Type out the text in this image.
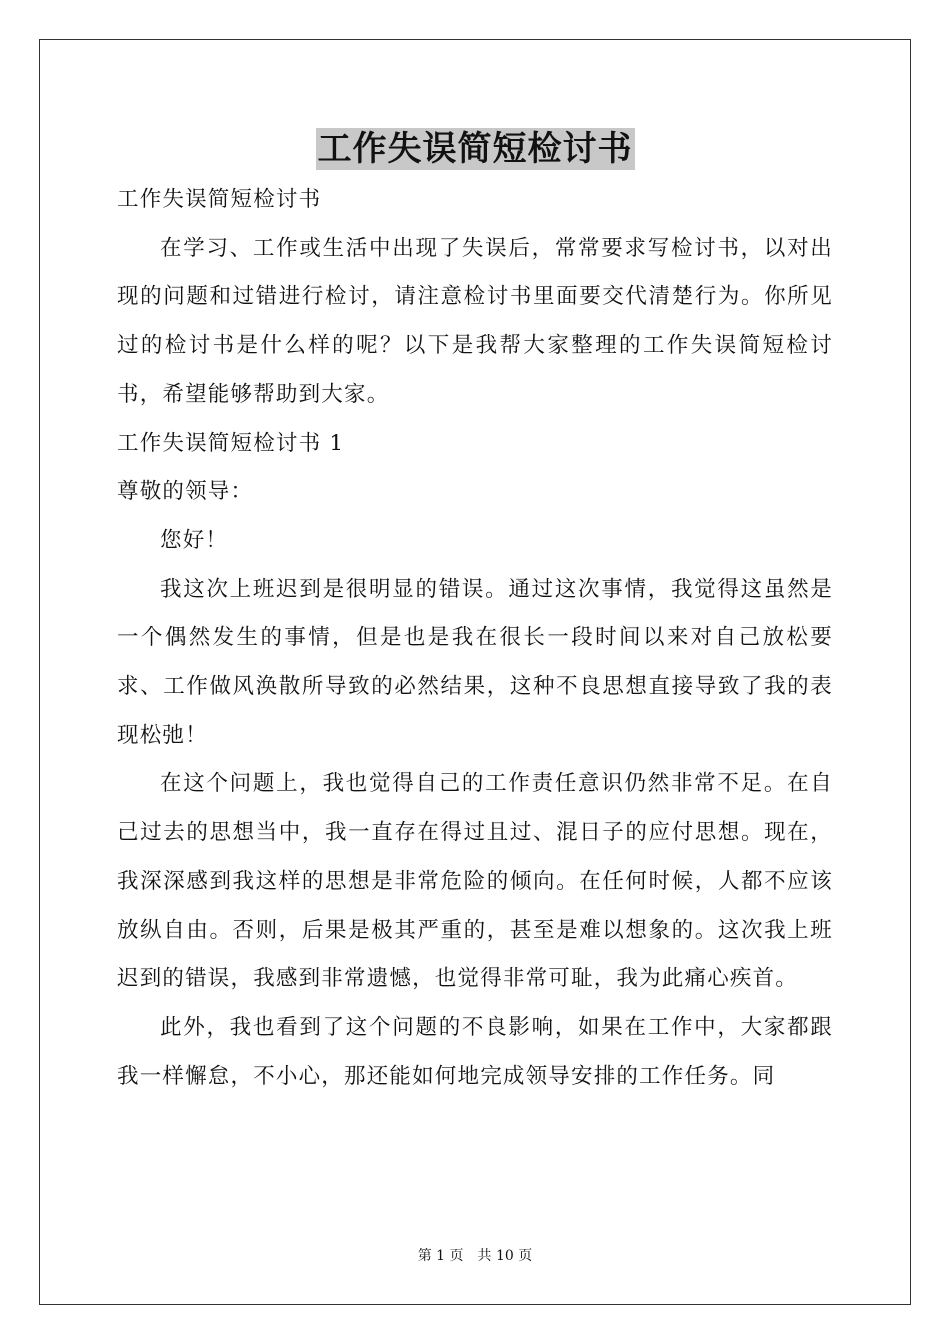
工作失误简短检讨书

工作失误简短检讨书

在学习、工作或生活中出现了失误后，常常要求写检讨书，以对出现的问题和过错进行检讨，请注意检讨书里面要交代清楚行为。你所见过的检讨书是什么样的呢？以下是我帮大家整理的工作失误简短检讨书，希望能够帮助到大家。

工作失误简短检讨书 1

尊敬的领导：

您好！

我这次上班迟到是很明显的错误。通过这次事情，我觉得这虽然是一个偶然发生的事情，但是也是我在很长一段时间以来对自己放松要求、工作做风涣散所导致的必然结果，这种不良思想直接导致了我的表现松弛！

在这个问题上，我也觉得自己的工作责任意识仍然非常不足。在自己过去的思想当中，我一直存在得过且过、混日子的应付思想。现在，我深深感到我这样的思想是非常危险的倾向。在任何时候，人都不应该放纵自由。否则，后果是极其严重的，甚至是难以想象的。这次我上班迟到的错误，我感到非常遗憾，也觉得非常可耻，我为此痛心疾首。

此外，我也看到了这个问题的不良影响，如果在工作中，大家都跟我一样懈怠，不小心，那还能如何地完成领导安排的工作任务。同

第 1 页 共 10 页
